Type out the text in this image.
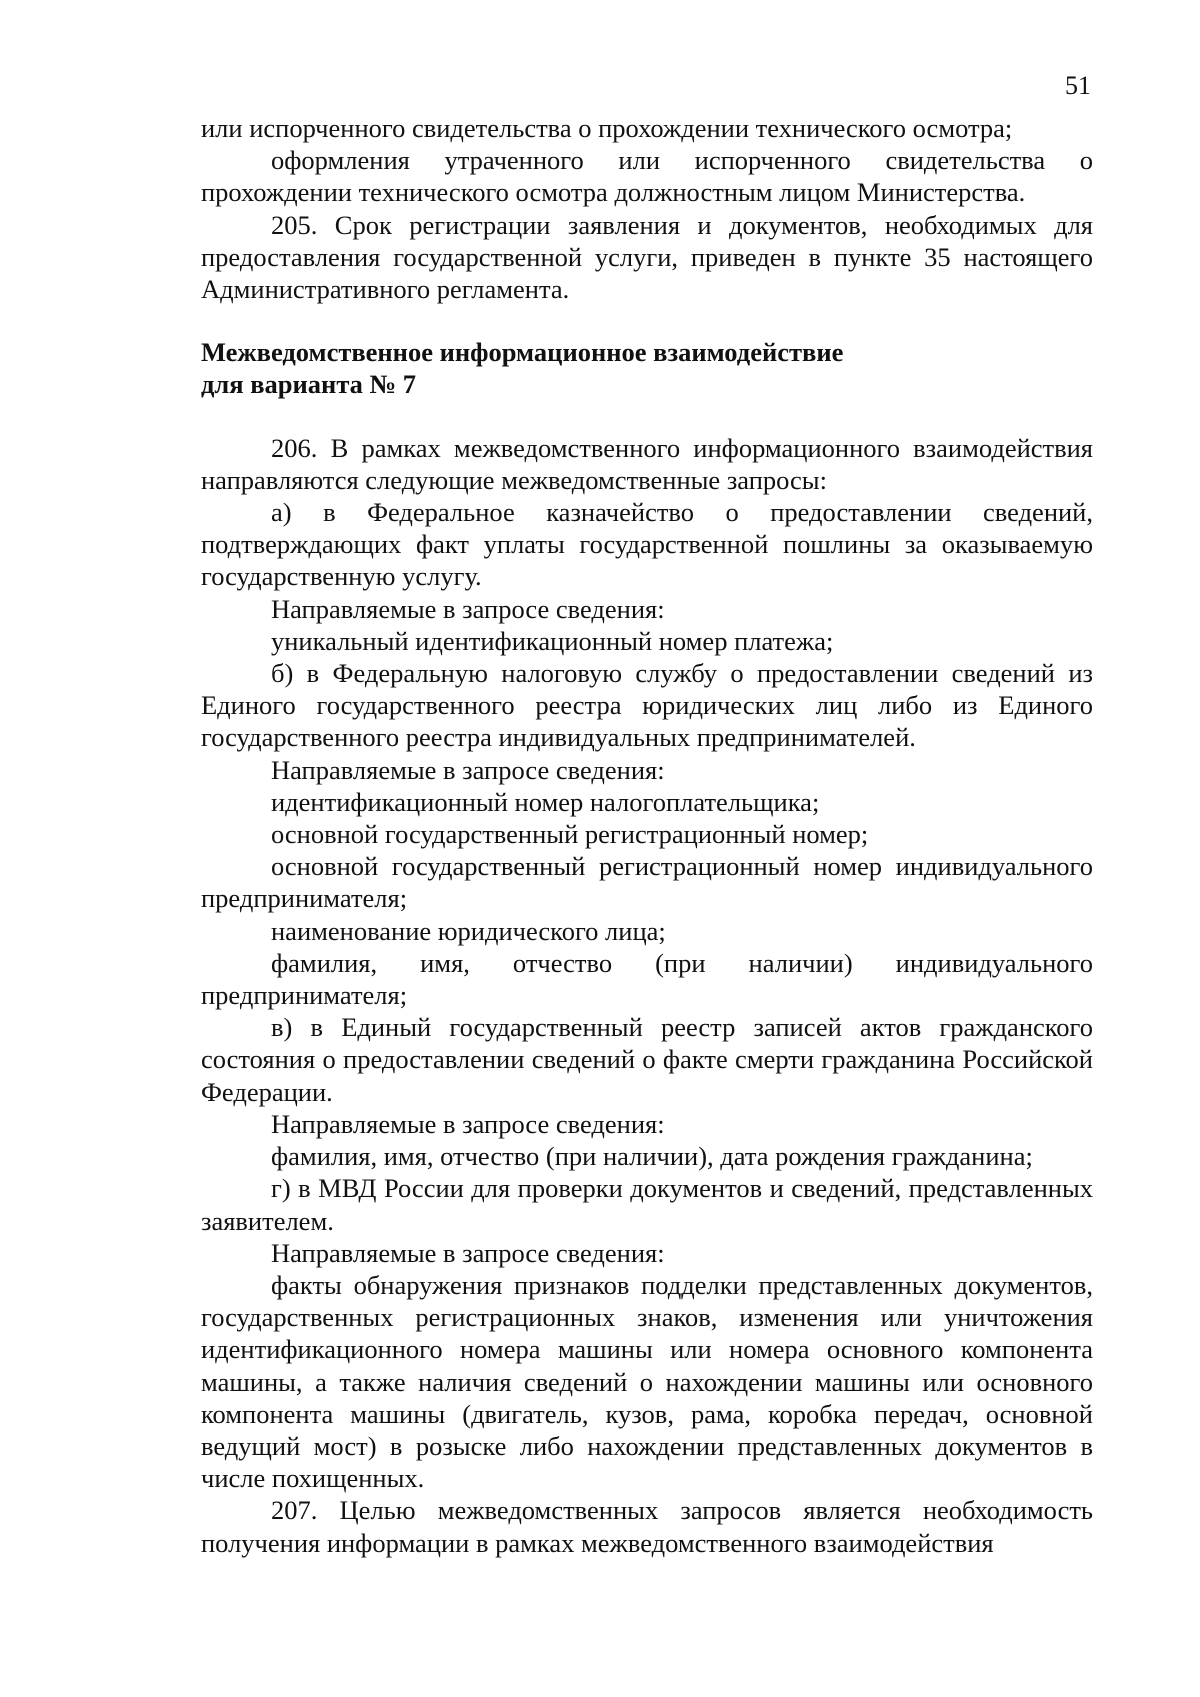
51

или испорченного свидетельства о прохождении технического осмотра;

оформления утраченного или испорченного свидетельства о прохождении технического осмотра должностным лицом Министерства.

205. Срок регистрации заявления и документов, необходимых для предоставления государственной услуги, приведен в пункте 35 настоящего Административного регламента.

Межведомственное информационное взаимодействие
для варианта № 7

206. В рамках межведомственного информационного взаимодействия направляются следующие межведомственные запросы:

а) в Федеральное казначейство о предоставлении сведений, подтверждающих факт уплаты государственной пошлины за оказываемую государственную услугу.

Направляемые в запросе сведения:

уникальный идентификационный номер платежа;

б) в Федеральную налоговую службу о предоставлении сведений из Единого государственного реестра юридических лиц либо из Единого государственного реестра индивидуальных предпринимателей.

Направляемые в запросе сведения:

идентификационный номер налогоплательщика;

основной государственный регистрационный номер;

основной государственный регистрационный номер индивидуального предпринимателя;

наименование юридического лица;

фамилия, имя, отчество (при наличии) индивидуального предпринимателя;

в) в Единый государственный реестр записей актов гражданского состояния о предоставлении сведений о факте смерти гражданина Российской Федерации.

Направляемые в запросе сведения:

фамилия, имя, отчество (при наличии), дата рождения гражданина;

г) в МВД России для проверки документов и сведений, представленных заявителем.

Направляемые в запросе сведения:

факты обнаружения признаков подделки представленных документов, государственных регистрационных знаков, изменения или уничтожения идентификационного номера машины или номера основного компонента машины, а также наличия сведений о нахождении машины или основного компонента машины (двигатель, кузов, рама, коробка передач, основной ведущий мост) в розыске либо нахождении представленных документов в числе похищенных.

207. Целью межведомственных запросов является необходимость получения информации в рамках межведомственного взаимодействия
